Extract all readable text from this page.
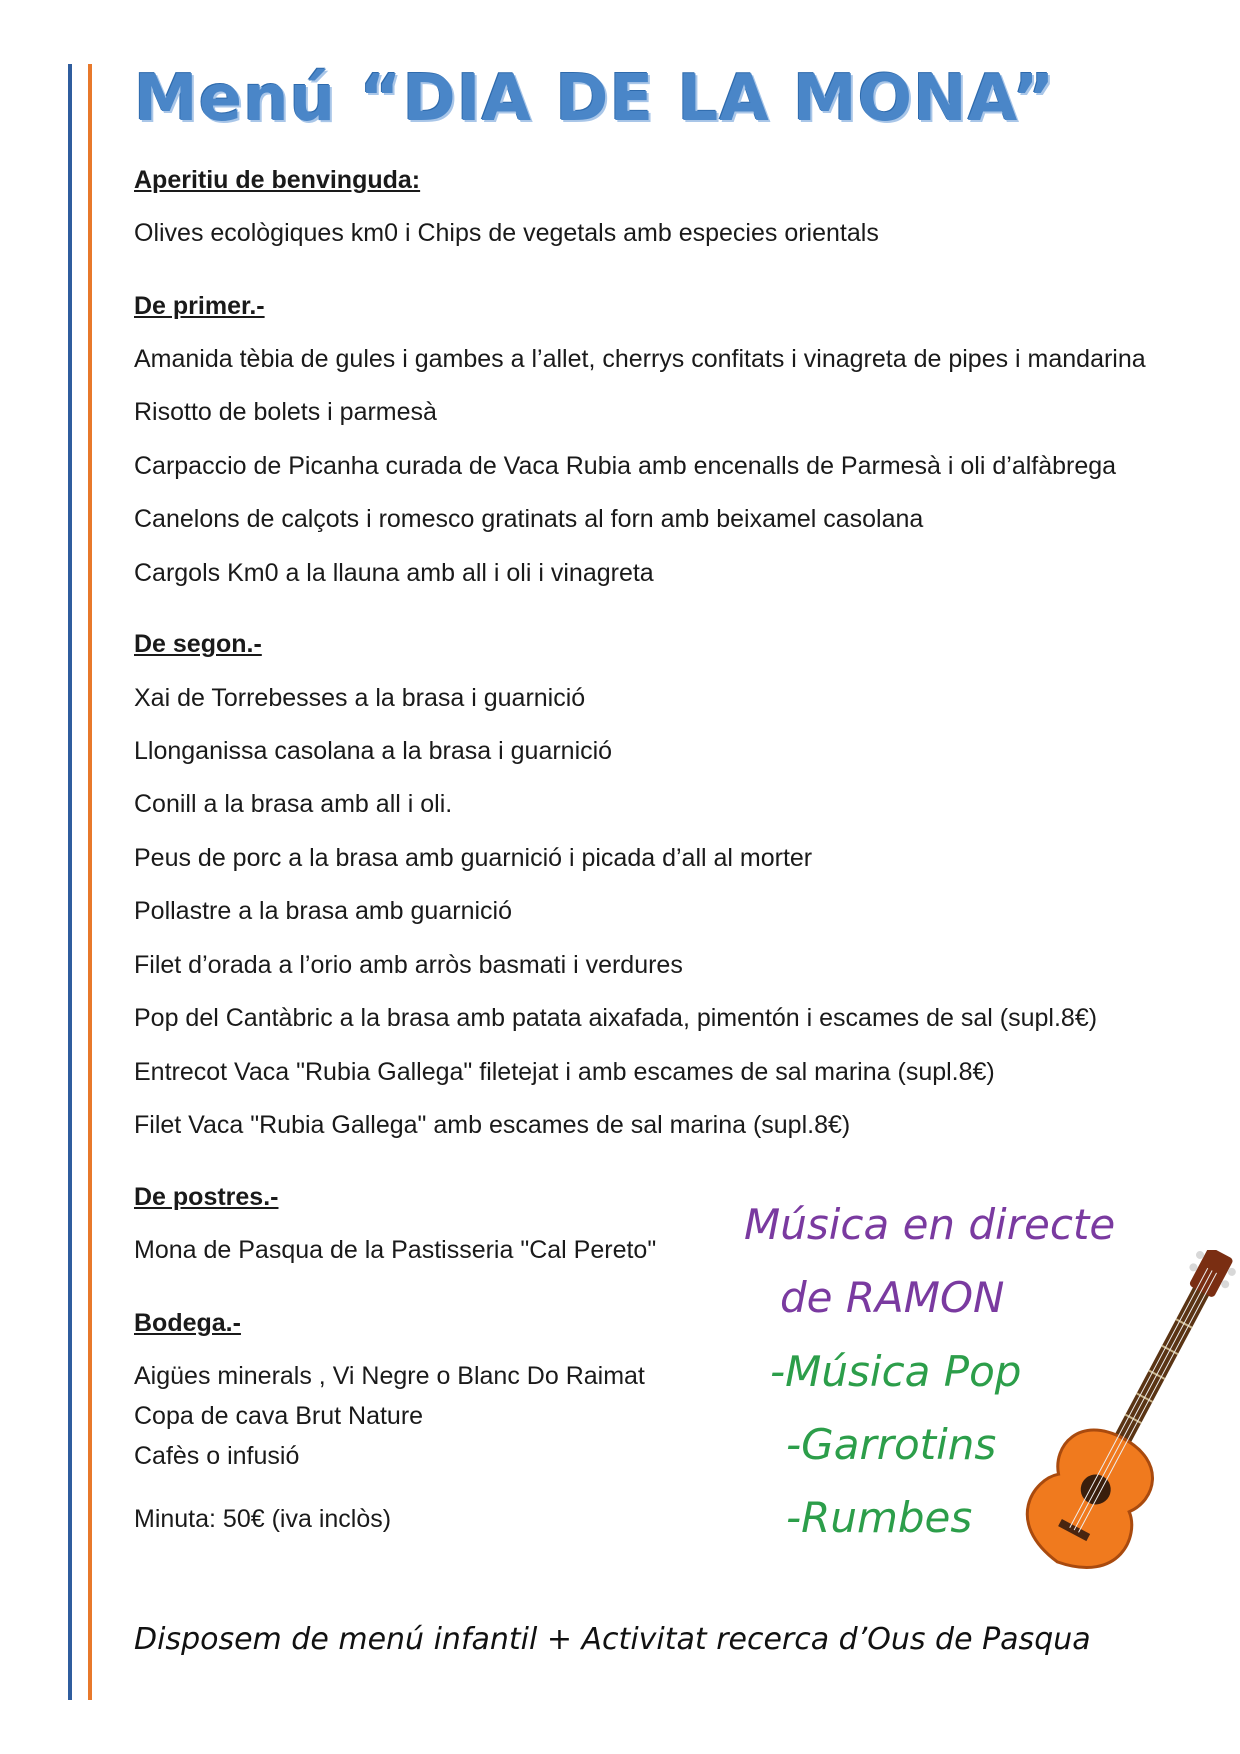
Menú “DIA DE LA MONA”
Aperitiu de benvinguda:
Olives ecològiques km0 i Chips de vegetals amb especies orientals
De primer.-
Amanida tèbia de gules i gambes a l’allet, cherrys confitats i vinagreta de pipes i mandarina
Risotto de bolets i parmesà
Carpaccio de Picanha curada de Vaca Rubia amb encenalls de Parmesà i oli d’alfàbrega
Canelons de calçots i romesco gratinats al forn amb beixamel casolana
Cargols Km0 a la llauna amb all i oli i vinagreta
De segon.-
Xai de Torrebesses a la brasa i guarnició
Llonganissa casolana a la brasa i guarnició
Conill a la brasa amb all i oli.
Peus de porc a la brasa amb guarnició i picada d’all al morter
Pollastre a la brasa amb guarnició
Filet d’orada a l’orio amb arròs basmati i verdures
Pop del Cantàbric a la brasa amb patata aixafada, pimentón i escames de sal (supl.8€)
Entrecot Vaca "Rubia Gallega" filetejat i amb escames de sal marina (supl.8€)
Filet Vaca "Rubia Gallega" amb escames de sal marina (supl.8€)
De postres.-
Mona de Pasqua de la Pastisseria "Cal Pereto"
Bodega.-
Aigües minerals , Vi Negre o Blanc Do Raimat
Copa de cava Brut Nature
Cafès o infusió
Minuta: 50€ (iva inclòs)
Música en directe
de RAMON
-Música Pop
-Garrotins
-Rumbes
Disposem de menú infantil + Activitat recerca d’Ous de Pasqua
